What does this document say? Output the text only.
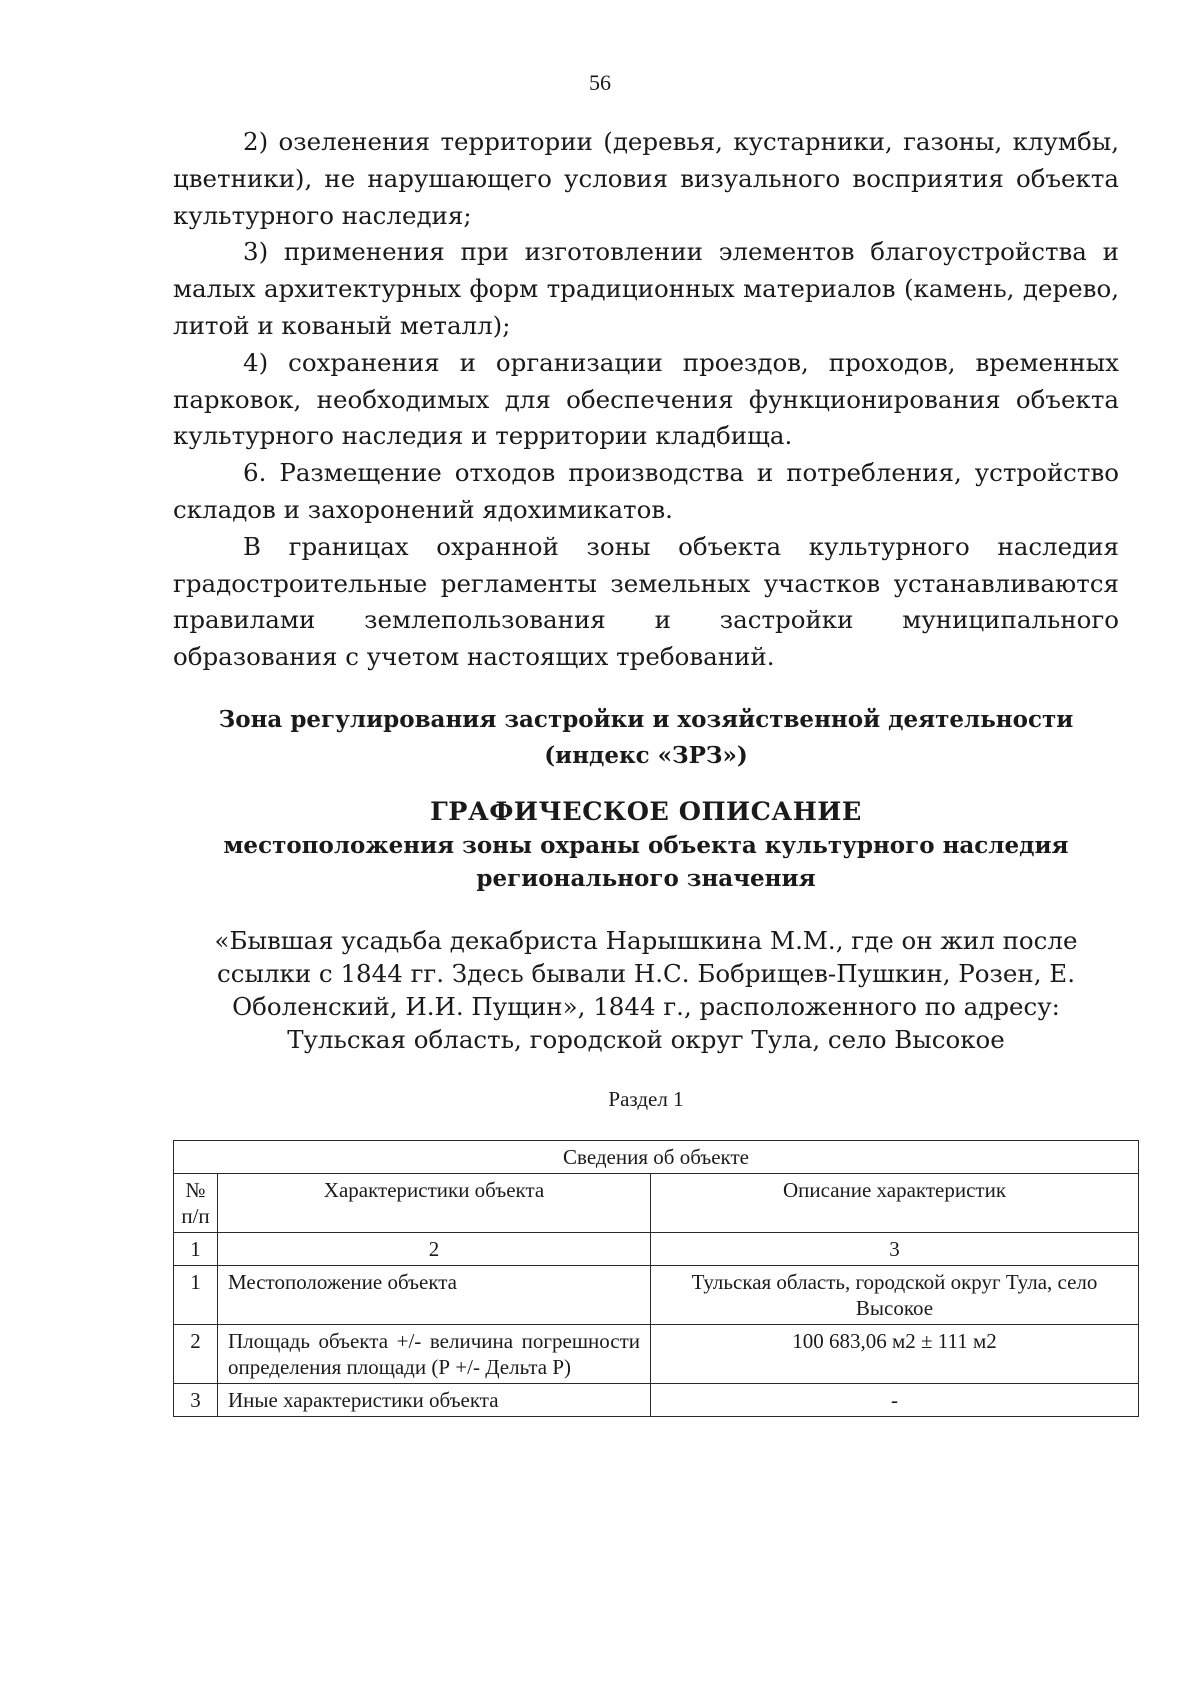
56

2) озеленения территории (деревья, кустарники, газоны, клумбы, цветники), не нарушающего условия визуального восприятия объекта культурного наследия;

3) применения при изготовлении элементов благоустройства и малых архитектурных форм традиционных материалов (камень, дерево, литой и кованый металл);

4) сохранения и организации проездов, проходов, временных парковок, необходимых для обеспечения функционирования объекта культурного наследия и территории кладбища.

6. Размещение отходов производства и потребления, устройство складов и захоронений ядохимикатов.

В границах охранной зоны объекта культурного наследия градостроительные регламенты земельных участков устанавливаются правилами землепользования и застройки муниципального образования с учетом настоящих требований.

Зона регулирования застройки и хозяйственной деятельности
(индекс «ЗРЗ»)
ГРАФИЧЕСКОЕ ОПИСАНИЕ
местоположения зоны охраны объекта культурного наследия
регионального значения
«Бывшая усадьба декабриста Нарышкина М.М., где он жил после ссылки с 1844 гг. Здесь бывали Н.С. Бобрищев-Пушкин, Розен, Е. Оболенский, И.И. Пущин», 1844 г., расположенного по адресу: Тульская область, городской округ Тула, село Высокое
Раздел 1
Сведения об объекте		
№ п/п	Характеристики объекта	Описание характеристик
1	2	3
1	Местоположение объекта	Тульская область, городской округ Тула, село Высокое
2	Площадь объекта +/- величина погрешности определения площади (Р +/- Дельта Р)	100 683,06 м2 ± 111 м2
3	Иные характеристики объекта	-
